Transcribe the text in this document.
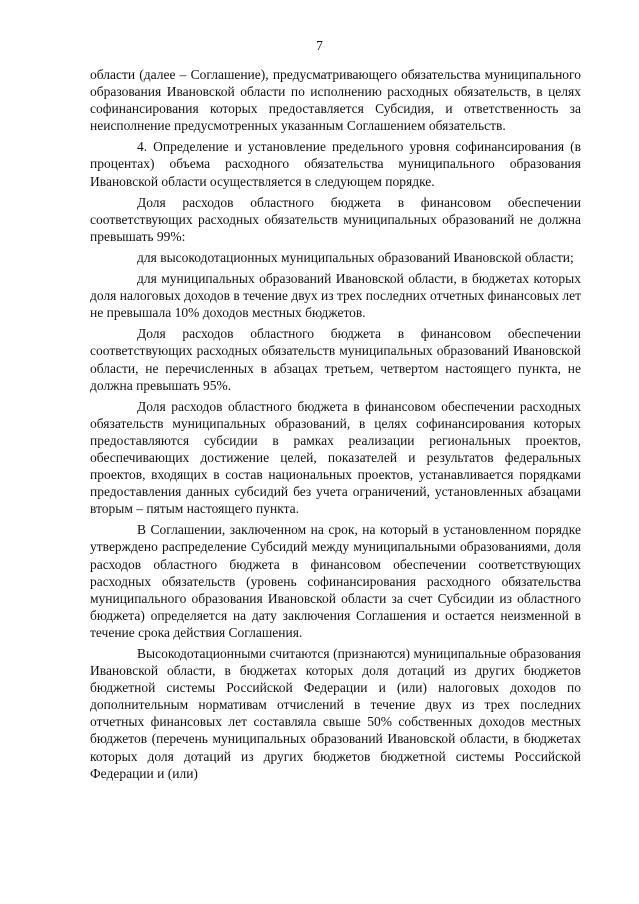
7

области (далее – Соглашение), предусматривающего обязательства муниципального образования Ивановской области по исполнению расходных обязательств, в целях софинансирования которых предоставляется Субсидия, и ответственность за неисполнение предусмотренных указанным Соглашением обязательств.

4. Определение и установление предельного уровня софинансирования (в процентах) объема расходного обязательства муниципального образования Ивановской области осуществляется в следующем порядке.

Доля расходов областного бюджета в финансовом обеспечении соответствующих расходных обязательств муниципальных образований не должна превышать 99%:

для высокодотационных муниципальных образований Ивановской области;

для муниципальных образований Ивановской области, в бюджетах которых доля налоговых доходов в течение двух из трех последних отчетных финансовых лет не превышала 10% доходов местных бюджетов.

Доля расходов областного бюджета в финансовом обеспечении соответствующих расходных обязательств муниципальных образований Ивановской области, не перечисленных в абзацах третьем, четвертом настоящего пункта, не должна превышать 95%.

Доля расходов областного бюджета в финансовом обеспечении расходных обязательств муниципальных образований, в целях софинансирования которых предоставляются субсидии в рамках реализации региональных проектов, обеспечивающих достижение целей, показателей и результатов федеральных проектов, входящих в состав национальных проектов, устанавливается порядками предоставления данных субсидий без учета ограничений, установленных абзацами вторым – пятым настоящего пункта.

В Соглашении, заключенном на срок, на который в установленном порядке утверждено распределение Субсидий между муниципальными образованиями, доля расходов областного бюджета в финансовом обеспечении соответствующих расходных обязательств (уровень софинансирования расходного обязательства муниципального образования Ивановской области за счет Субсидии из областного бюджета) определяется на дату заключения Соглашения и остается неизменной в течение срока действия Соглашения.

Высокодотационными считаются (признаются) муниципальные образования Ивановской области, в бюджетах которых доля дотаций из других бюджетов бюджетной системы Российской Федерации и (или) налоговых доходов по дополнительным нормативам отчислений в течение двух из трех последних отчетных финансовых лет составляла свыше 50% собственных доходов местных бюджетов (перечень муниципальных образований Ивановской области, в бюджетах которых доля дотаций из других бюджетов бюджетной системы Российской Федерации и (или)
